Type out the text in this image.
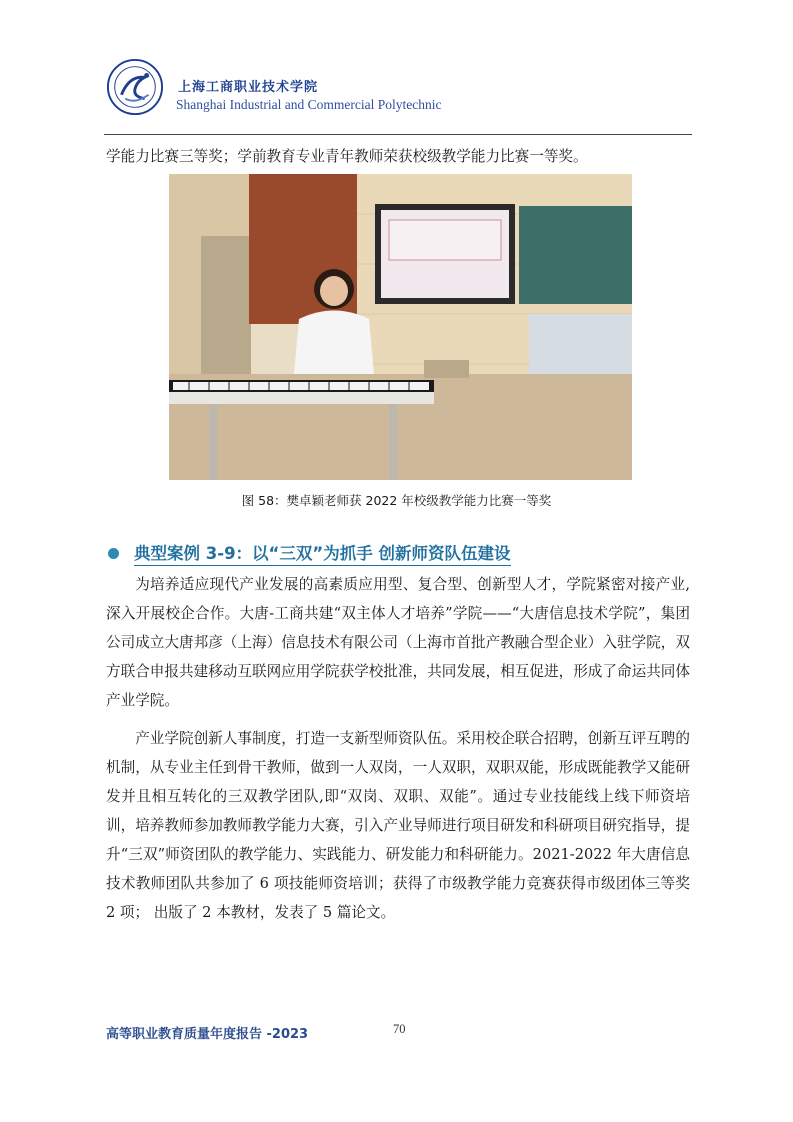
上海工商职业技术学院
Shanghai Industrial and Commercial Polytechnic

学能力比赛三等奖；学前教育专业青年教师荣获校级教学能力比赛一等奖。

图 58：樊卓颖老师获 2022 年校级教学能力比赛一等奖
典型案例 3-9：以“三双”为抓手 创新师资队伍建设

为培养适应现代产业发展的高素质应用型、复合型、创新型人才，学院紧密对接产业,深入开展校企合作。大唐-工商共建“双主体人才培养”学院——“大唐信息技术学院”，集团公司成立大唐邦彦（上海）信息技术有限公司（上海市首批产教融合型企业）入驻学院，双方联合申报共建移动互联网应用学院获学校批准，共同发展，相互促进，形成了命运共同体产业学院。

产业学院创新人事制度，打造一支新型师资队伍。采用校企联合招聘，创新互评互聘的机制，从专业主任到骨干教师，做到一人双岗，一人双职，双职双能，形成既能教学又能研发并且相互转化的三双教学团队,即“双岗、双职、双能”。通过专业技能线上线下师资培训，培养教师参加教师教学能力大赛，引入产业导师进行项目研发和科研项目研究指导，提升“三双”师资团队的教学能力、实践能力、研发能力和科研能力。2021-2022 年大唐信息技术教师团队共参加了 6 项技能师资培训；获得了市级教学能力竞赛获得市级团体三等奖 2 项； 出版了 2 本教材，发表了 5 篇论文。

高等职业教育质量年度报告 -2023	70
